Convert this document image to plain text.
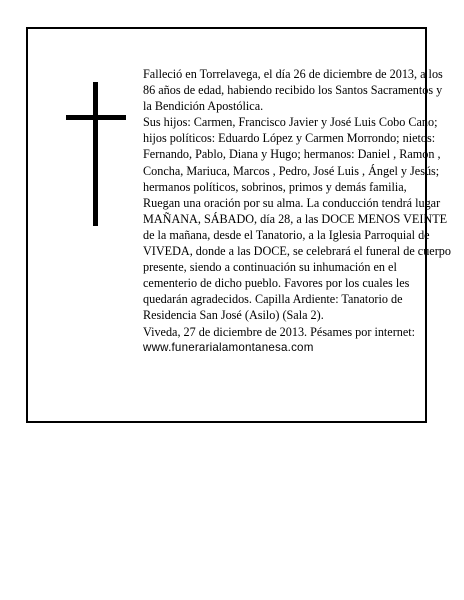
Falleció en Torrelavega, el día 26 de diciembre de 2013, a los 86 años de edad, habiendo recibido los Santos Sacramentos y la Bendición Apostólica.

Sus hijos: Carmen, Francisco Javier y José Luis Cobo Cano; hijos políticos: Eduardo López y Carmen Morrondo; nietos: Fernando, Pablo, Diana y Hugo; hermanos: Daniel , Ramón , Concha, Mariuca, Marcos , Pedro, José Luis , Ángel y Jesús; hermanos políticos, sobrinos, primos y demás familia,

Ruegan una oración por su alma. La conducción tendrá lugar MAÑANA, SÁBADO, día 28, a las DOCE MENOS VEINTE de la mañana, desde el Tanatorio, a la Iglesia Parroquial de VIVEDA, donde a las DOCE, se celebrará el funeral de cuerpo presente, siendo a continuación su inhumación en el cementerio de dicho pueblo. Favores por los cuales les quedarán agradecidos. Capilla Ardiente: Tanatorio de Residencia San José (Asilo) (Sala 2).

Viveda, 27 de diciembre de 2013. Pésames por internet:

www.funerarialamontanesa.com
